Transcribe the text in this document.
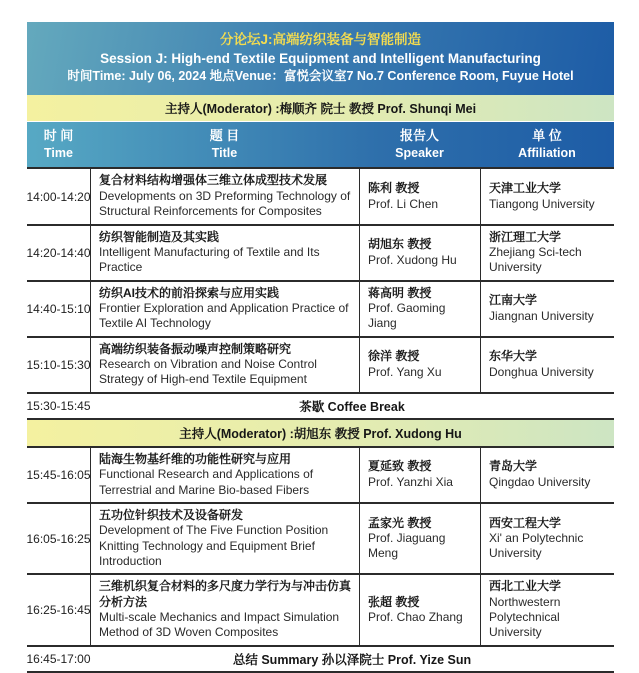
分论坛J:高端纺织装备与智能制造
Session J: High-end Textile Equipment and Intelligent Manufacturing
时间Time: July 06, 2024 地点Venue：富悦会议室7 No.7 Conference Room, Fuyue Hotel
主持人(Moderator) :梅顺齐 院士 教授 Prof. Shunqi Mei
时 间
Time
题 目
Title
报告人
Speaker
单 位
Affiliation
14:00-14:20
复合材料结构增强体三维立体成型技术发展
Developments on 3D Preforming Technology of Structural Reinforcements for Composites
陈利 教授
Prof. Li Chen
天津工业大学
Tiangong University
14:20-14:40
纺织智能制造及其实践
Intelligent Manufacturing of Textile and Its Practice
胡旭东 教授
Prof. Xudong Hu
浙江理工大学
Zhejiang Sci-tech University
14:40-15:10
纺织AI技术的前沿探索与应用实践
Frontier Exploration and Application Practice of Textile AI Technology
蒋高明 教授
Prof. Gaoming Jiang
江南大学
Jiangnan University
15:10-15:30
高端纺织装备振动噪声控制策略研究
Research on Vibration and Noise Control Strategy of High-end Textile Equipment
徐洋 教授
Prof. Yang Xu
东华大学
Donghua University
15:30-15:45	茶歇 Coffee Break
主持人(Moderator) :胡旭东 教授 Prof. Xudong Hu
15:45-16:05
陆海生物基纤维的功能性研究与应用
Functional Research and Applications of Terrestrial and Marine Bio-based Fibers
夏延致 教授
Prof. Yanzhi Xia
青岛大学
Qingdao University
16:05-16:25
五功位针织技术及设备研发
Development of The Five Function Position Knitting Technology and Equipment Brief Introduction
孟家光 教授
Prof. Jiaguang Meng
西安工程大学
Xi' an Polytechnic University
16:25-16:45
三维机织复合材料的多尺度力学行为与冲击仿真分析方法
Multi-scale Mechanics and Impact Simulation Method of 3D Woven Composites
张超 教授
Prof. Chao Zhang
西北工业大学
Northwestern Polytechnical University
16:45-17:00	总结 Summary 孙以泽院士 Prof. Yize Sun
